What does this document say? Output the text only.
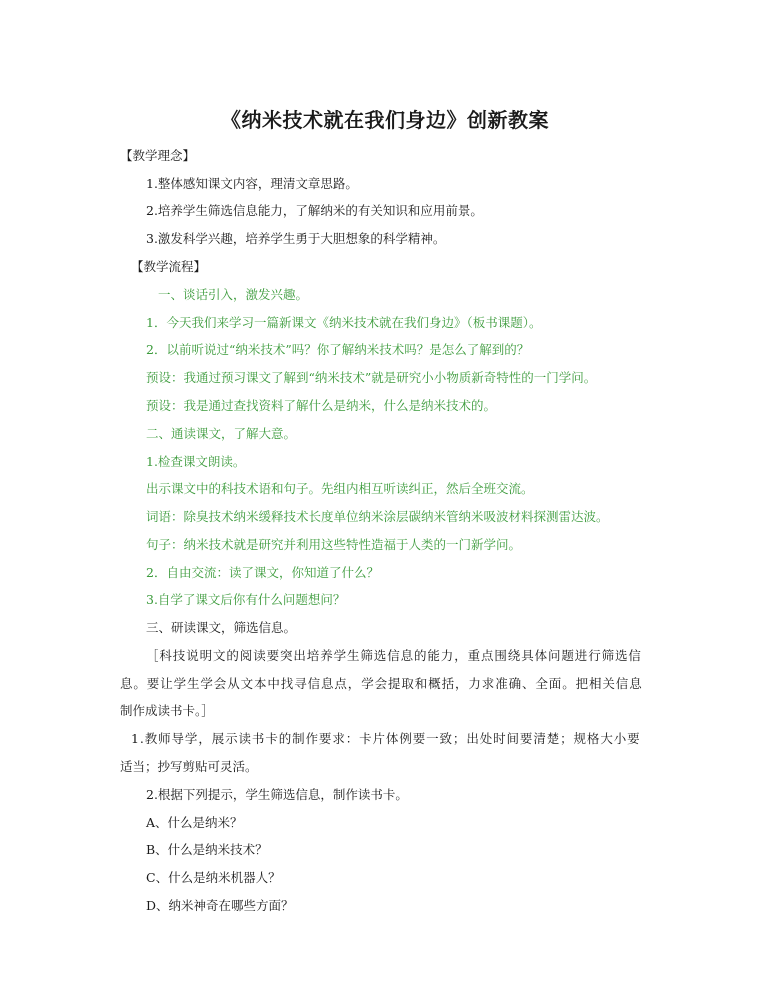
《纳米技术就在我们身边》创新教案
【教学理念】
1.整体感知课文内容，理清文章思路。
2.培养学生筛选信息能力，了解纳米的有关知识和应用前景。
3.激发科学兴趣，培养学生勇于大胆想象的科学精神。
【教学流程】
一、谈话引入，激发兴趣。
1．今天我们来学习一篇新课文《纳米技术就在我们身边》（板书课题）。
2．以前听说过“纳米技术”吗？你了解纳米技术吗？是怎么了解到的？
预设：我通过预习课文了解到“纳米技术”就是研究小小物质新奇特性的一门学问。
预设：我是通过查找资料了解什么是纳米，什么是纳米技术的。
二、通读课文，了解大意。
1.检查课文朗读。
出示课文中的科技术语和句子。先组内相互听读纠正，然后全班交流。
词语：除臭技术纳米缓释技术长度单位纳米涂层碳纳米管纳米吸波材料探测雷达波。
句子：纳米技术就是研究并利用这些特性造福于人类的一门新学问。
2．自由交流：读了课文，你知道了什么？
3.自学了课文后你有什么问题想问？
三、研读课文，筛选信息。
［科技说明文的阅读要突出培养学生筛选信息的能力，重点围绕具体问题进行筛选信
息。要让学生学会从文本中找寻信息点，学会提取和概括，力求准确、全面。把相关信息
制作成读书卡。］
1.教师导学，展示读书卡的制作要求：卡片体例要一致；出处时间要清楚；规格大小要
适当；抄写剪贴可灵活。
2.根据下列提示，学生筛选信息，制作读书卡。
A、什么是纳米？
B、什么是纳米技术？
C、什么是纳米机器人？
D、纳米神奇在哪些方面？
